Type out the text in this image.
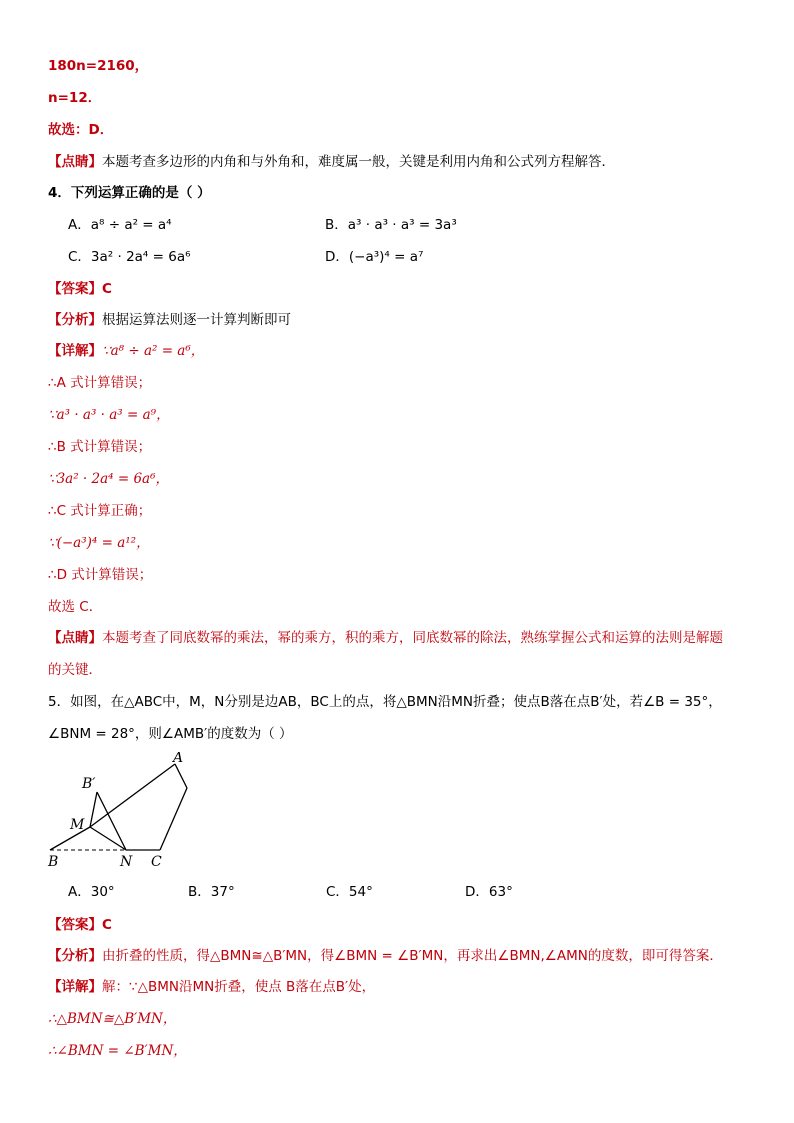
180n=2160，
n=12．
故选：D．
【点睛】本题考查多边形的内角和与外角和，难度属一般，关键是利用内角和公式列方程解答．
4．下列运算正确的是（ ）
A．a⁸ ÷ a² = a⁴	B．a³ · a³ · a³ = 3a³
C．3a² · 2a⁴ = 6a⁶	D．(−a³)⁴ = a⁷
【答案】C
【分析】根据运算法则逐一计算判断即可
【详解】∵a⁸ ÷ a² = a⁶，
∴A 式计算错误；
∵a³ · a³ · a³ = a⁹，
∴B 式计算错误；
∵3a² · 2a⁴ = 6a⁶，
∴C 式计算正确；
∵(−a³)⁴ = a¹²，
∴D 式计算错误；
故选 C．
【点睛】本题考查了同底数幂的乘法，幂的乘方，积的乘方，同底数幂的除法，熟练掌握公式和运算的法则是解题
的关键．
5．如图，在△ABC中，M，N分别是边AB，BC上的点，将△BMN沿MN折叠；使点B落在点B′处，若∠B = 35°，
∠BNM = 28°，则∠AMB′的度数为（ ）
A
B′
M
B	N C
A．30°	B．37°	C．54°	D．63°
【答案】C
【分析】由折叠的性质，得△BMN≅△B′MN，得∠BMN = ∠B′MN，再求出∠BMN,∠AMN的度数，即可得答案．
【详解】解：∵△BMN沿MN折叠，使点 B落在点B′处，
∴△BMN≅△B′MN，
∴∠BMN = ∠B′MN，
